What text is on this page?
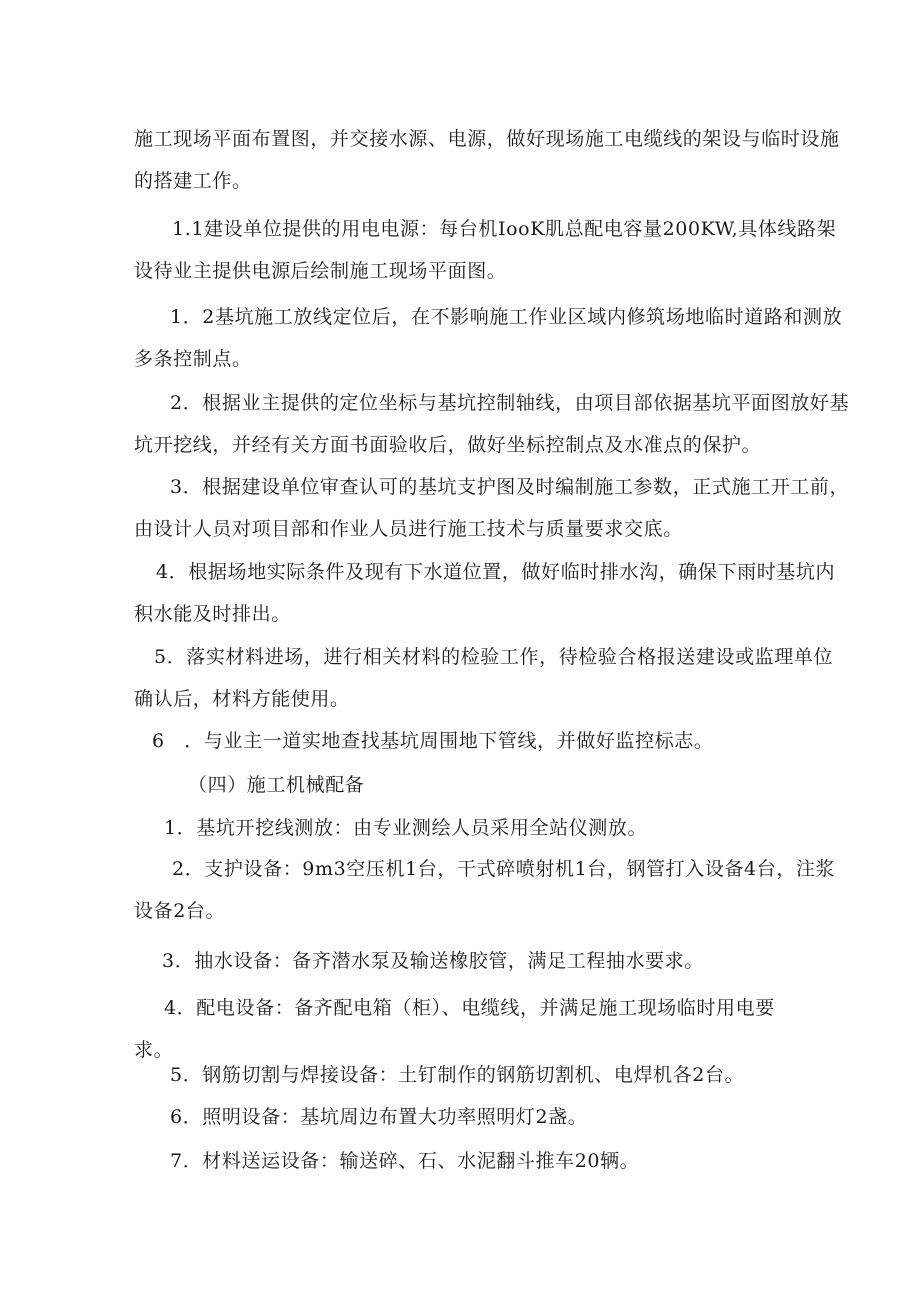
施工现场平面布置图，并交接水源、电源，做好现场施工电缆线的架设与临时设施的搭建工作。

1.1建设单位提供的用电电源：每台机IooK肌总配电容量200KW,具体线路架设待业主提供电源后绘制施工现场平面图。

1．2基坑施工放线定位后，在不影响施工作业区域内修筑场地临时道路和测放多条控制点。

2．根据业主提供的定位坐标与基坑控制轴线，由项目部依据基坑平面图放好基坑开挖线，并经有关方面书面验收后，做好坐标控制点及水准点的保护。

3．根据建设单位审查认可的基坑支护图及时编制施工参数，正式施工开工前，由设计人员对项目部和作业人员进行施工技术与质量要求交底。

4．根据场地实际条件及现有下水道位置，做好临时排水沟，确保下雨时基坑内积水能及时排出。

5．落实材料进场，进行相关材料的检验工作，待检验合格报送建设或监理单位确认后，材料方能使用。

6　．与业主一道实地查找基坑周围地下管线，并做好监控标志。

（四）施工机械配备

1．基坑开挖线测放：由专业测绘人员采用全站仪测放。

2．支护设备：9m3空压机1台，干式碎喷射机1台，钢管打入设备4台，注浆设备2台。

3．抽水设备：备齐潜水泵及输送橡胶管，满足工程抽水要求。

4．配电设备：备齐配电箱（柜）、电缆线，并满足施工现场临时用电要求。

5．钢筋切割与焊接设备：土钉制作的钢筋切割机、电焊机各2台。

6．照明设备：基坑周边布置大功率照明灯2盏。

7．材料送运设备：输送碎、石、水泥翻斗推车20辆。
